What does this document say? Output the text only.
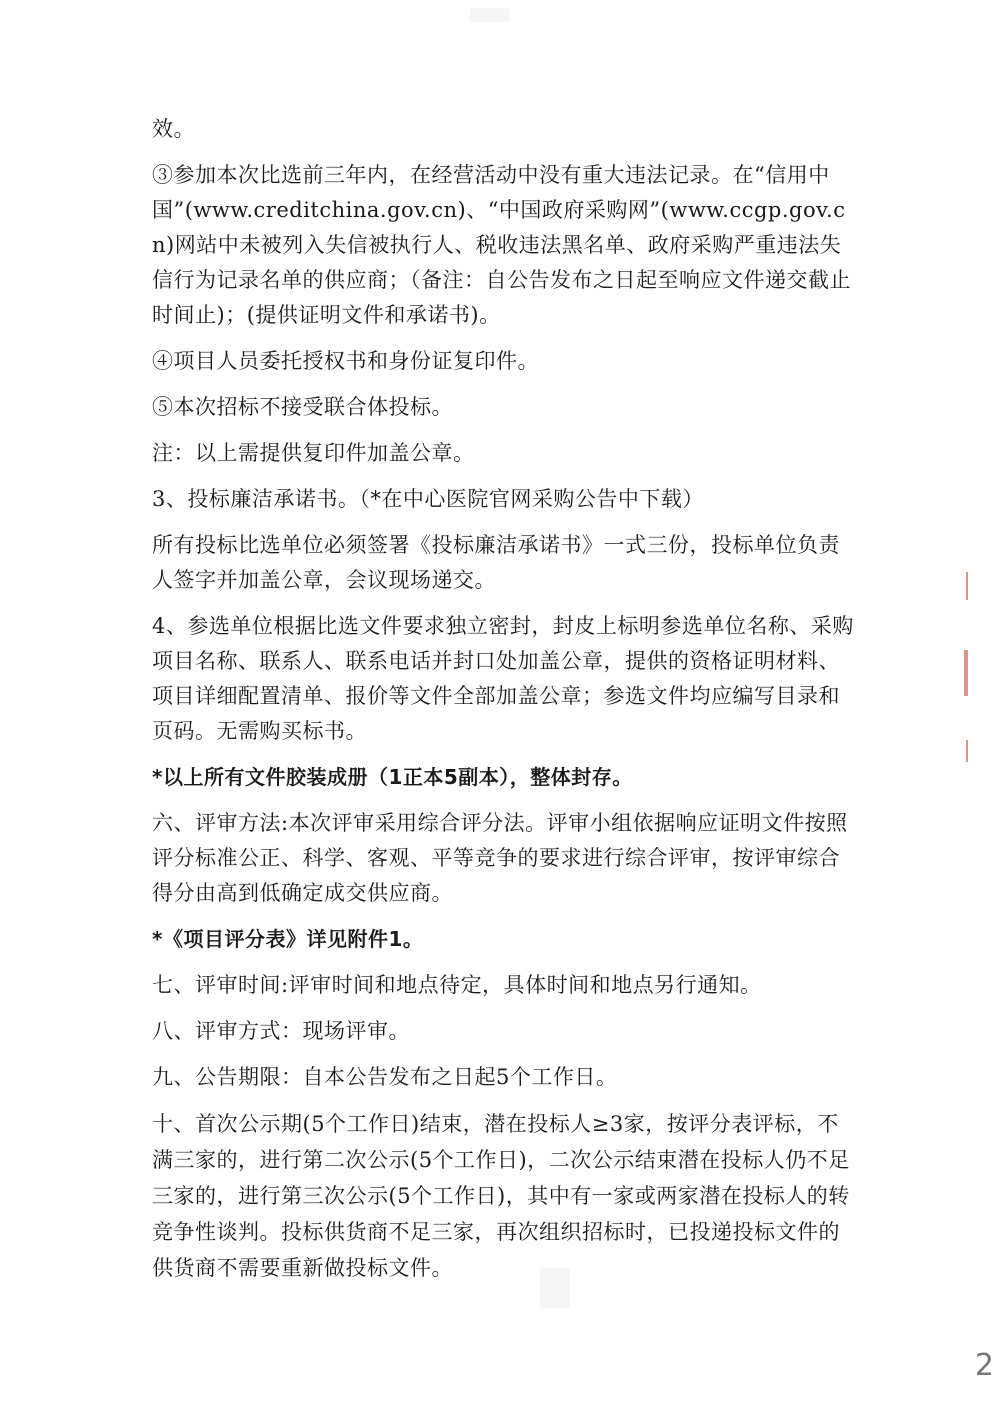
效。

③参加本次比选前三年内，在经营活动中没有重大违法记录。在“信用中国”(www.creditchina.gov.cn)、“中国政府采购网”(www.ccgp.gov.cn)网站中未被列入失信被执行人、税收违法黑名单、政府采购严重违法失信行为记录名单的供应商；（备注：自公告发布之日起至响应文件递交截止时间止)；(提供证明文件和承诺书)。

④项目人员委托授权书和身份证复印件。

⑤本次招标不接受联合体投标。

注：以上需提供复印件加盖公章。

3、投标廉洁承诺书。（*在中心医院官网采购公告中下载）

所有投标比选单位必须签署《投标廉洁承诺书》一式三份，投标单位负责人签字并加盖公章，会议现场递交。

4、参选单位根据比选文件要求独立密封，封皮上标明参选单位名称、采购项目名称、联系人、联系电话并封口处加盖公章，提供的资格证明材料、项目详细配置清单、报价等文件全部加盖公章；参选文件均应编写目录和页码。无需购买标书。

*以上所有文件胶装成册（1正本5副本），整体封存。

六、评审方法:本次评审采用综合评分法。评审小组依据响应证明文件按照评分标准公正、科学、客观、平等竞争的要求进行综合评审，按评审综合得分由高到低确定成交供应商。

*《项目评分表》详见附件1。

七、评审时间:评审时间和地点待定，具体时间和地点另行通知。

八、评审方式：现场评审。

九、公告期限：自本公告发布之日起5个工作日。

十、首次公示期(5个工作日)结束，潜在投标人≥3家，按评分表评标，不满三家的，进行第二次公示(5个工作日)，二次公示结束潜在投标人仍不足三家的，进行第三次公示(5个工作日)，其中有一家或两家潜在投标人的转竞争性谈判。投标供货商不足三家，再次组织招标时，已投递投标文件的供货商不需要重新做投标文件。

2
